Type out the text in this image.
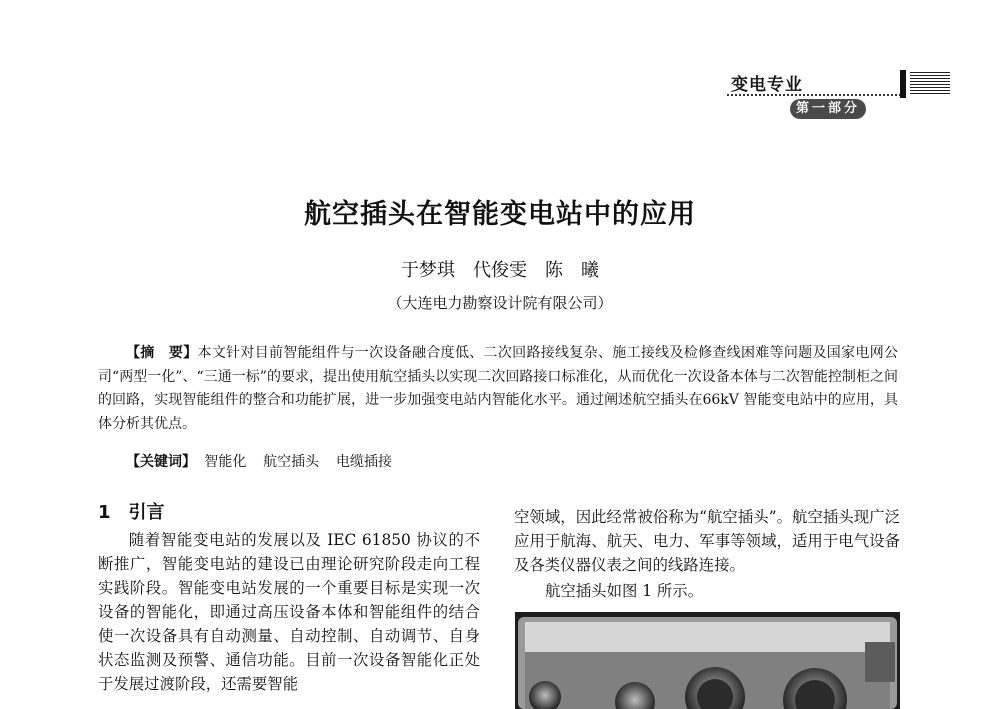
变电专业
第一部分
航空插头在智能变电站中的应用
于梦琪　代俊雯　陈　曦
（大连电力勘察设计院有限公司）
【摘　要】本文针对目前智能组件与一次设备融合度低、二次回路接线复杂、施工接线及检修查线困难等问题及国家电网公司“两型一化”、“三通一标”的要求，提出使用航空插头以实现二次回路接口标准化，从而优化一次设备本体与二次智能控制柜之间的回路，实现智能组件的整合和功能扩展，进一步加强变电站内智能化水平。通过阐述航空插头在66kV 智能变电站中的应用，具体分析其优点。
【关键词】 智能化 航空插头 电缆插接
1　引言
随着智能变电站的发展以及 IEC 61850 协议的不断推广，智能变电站的建设已由理论研究阶段走向工程实践阶段。智能变电站发展的一个重要目标是实现一次设备的智能化，即通过高压设备本体和智能组件的结合使一次设备具有自动测量、自动控制、自动调节、自身状态监测及预警、通信功能。目前一次设备智能化正处于发展过渡阶段，还需要智能
空领域，因此经常被俗称为“航空插头”。航空插头现广泛应用于航海、航天、电力、军事等领域，适用于电气设备及各类仪器仪表之间的线路连接。
航空插头如图 1 所示。
